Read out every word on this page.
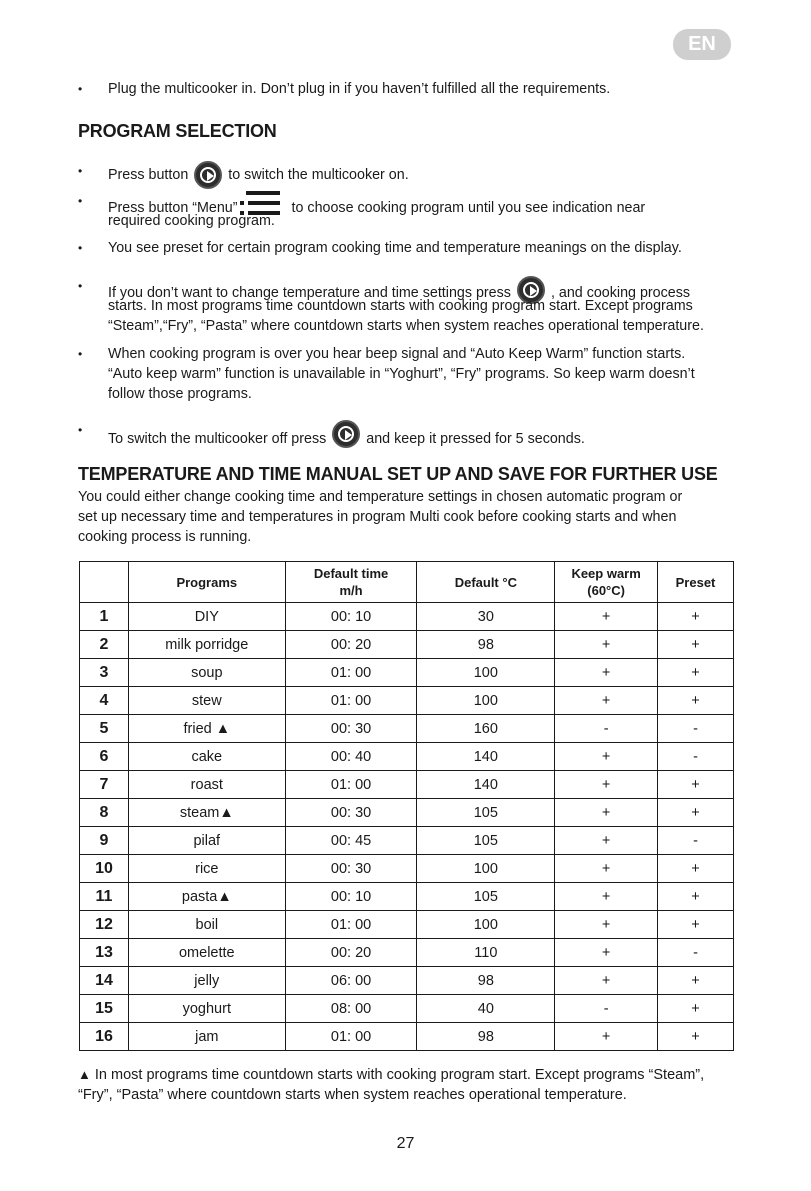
EN
• Plug the multicooker in. Don’t plug in if you haven’t fulfilled all the requirements.
PROGRAM SELECTION
• Press button	to switch the multicooker on.
• Press button “Menu”	to choose cooking program until you see indication near
required cooking program.
• You see preset for certain program cooking time and temperature meanings on the display.
• If you don’t want to change temperature and time settings press	, and cooking process
starts. In most programs time countdown starts with cooking program start. Except programs
“Steam”,“Fry”, “Pasta” where countdown starts when system reaches operational temperature.
• When cooking program is over you hear beep signal and “Auto Keep Warm” function starts.
“Auto keep warm” function is unavailable in “Yoghurt”, “Fry” programs. So keep warm doesn’t
follow those programs.
•
To switch the multicooker off press	and keep it pressed for 5 seconds.
TEMPERATURE AND TIME MANUAL SET UP AND SAVE FOR FURTHER USE
You could either change cooking time and temperature settings in chosen automatic program or
set up necessary time and temperatures in program Multi cook before cooking starts and when
cooking process is running.
	Programs	Default time
m/h	Default °C	Keep warm
(60°C)	Preset
1	DIY	00: 10	30	+	+
2	milk porridge	00: 20	98	+	+
3	soup	01: 00	100	+	+
4	stew	01: 00	100	+	+
5	fried ▲	00: 30	160	-	-
6	cake	00: 40	140	+	-
7	roast	01: 00	140	+	+
8	steam▲	00: 30	105	+	+
9	pilaf	00: 45	105	+	-
10	rice	00: 30	100	+	+
11	pasta▲	00: 10	105	+	+
12	boil	01: 00	100	+	+
13	omelette	00: 20	110	+	-
14	jelly	06: 00	98	+	+
15	yoghurt	08: 00	40	-	+
16	jam	01: 00	98	+	+
▲ In most programs time countdown starts with cooking program start. Except programs “Steam”,
“Fry”, “Pasta” where countdown starts when system reaches operational temperature.
27
